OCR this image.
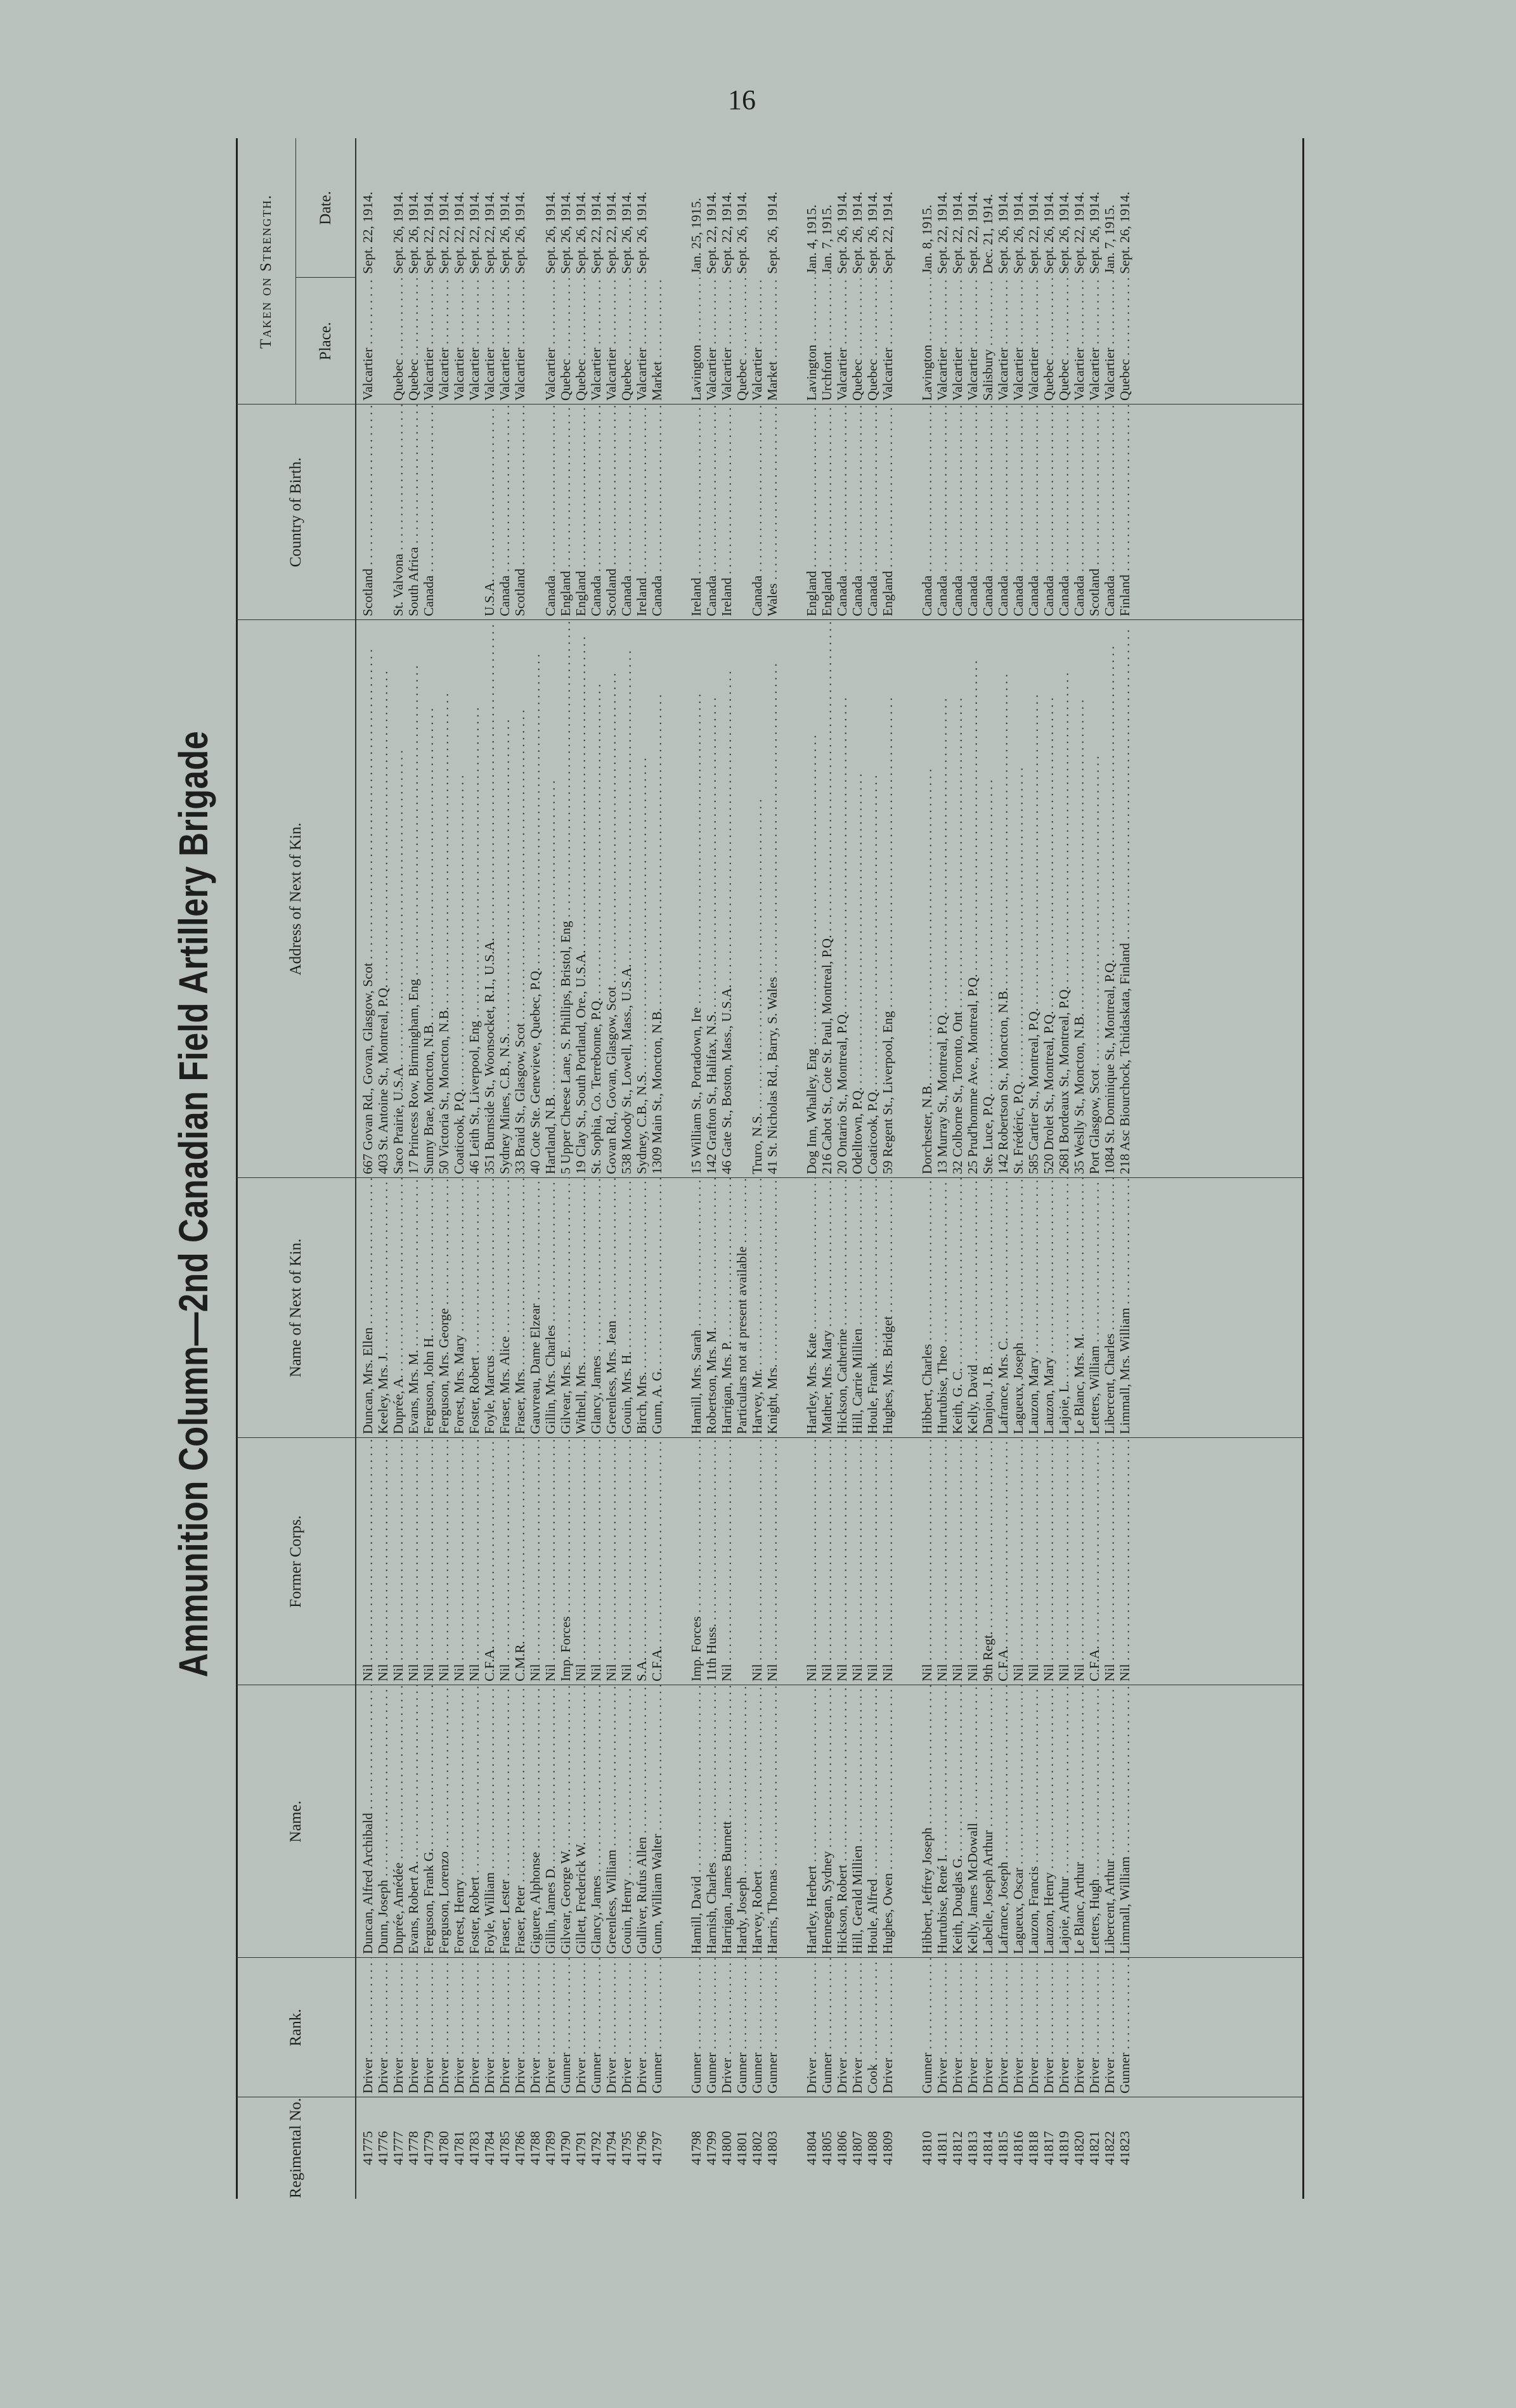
16
Ammunition Column—2nd Canadian Field Artillery Brigade
Regimental No.
Rank.
Name.
Former Corps.
Name of Next of Kin.
Address of Next of Kin.
Country of Birth.
Taken on Strength.	Place.
Date.
41775
Driver . . .
Duncan, Alfred Archibald . . .
Nil . . .
Duncan, Mrs. Ellen . . .
667 Govan Rd., Govan, Glasgow, Scot . . .
Scotland . . .
Valcartier . . .
Sept. 22, 1914.
41776
Driver . . .
Dunn, Joseph . . .
Nil . . .
Keeley, Mrs. J. . . .
403 St. Antoine St., Montreal, P.Q. . . .
41777
Driver . . .
Duprée, Amédée . . .
Nil . . .
Duprée, A. . . .
Saco Prairie, U.S.A. . . .
St. Valvona . . .
Quebec . . .
Sept. 26, 1914.
41778
Driver . . .
Evans, Robert A. . . .
Nil . . .
Evans, Mrs. M. . . .
17 Princess Row, Birmingham, Eng . . .
South Africa . . .
Quebec . . .
Sept. 26, 1914.
41779
Driver . . .
Ferguson, Frank G. . . .
Nil . . .
Ferguson, John H. . . .
Sunny Brae, Moncton, N.B. . . .
Canada . . .
Valcartier . . .
Sept. 22, 1914.
41780
Driver . . .
Ferguson, Lorenzo . . .
Nil . . .
Ferguson, Mrs. George . . .
50 Victoria St., Moncton, N.B. . . .
Valcartier . . .
Sept. 22, 1914.
41781
Driver . . .
Forest, Henry . . .
Nil . . .
Forest, Mrs. Mary . . .
Coaticook, P.Q. . . .
Valcartier . . .
Sept. 22, 1914.
41783
Driver . . .
Foster, Robert . . .
Nil . . .
Foster, Robert . . .
46 Leith St., Liverpool, Eng . . .
Valcartier . . .
Sept. 22, 1914.
41784
Driver . . .
Foyle, William . . .
C.F.A. . . .
Foyle, Marcus . . .
351 Burnside St., Woonsocket, R.I., U.S.A. . . .
U.S.A. . . .
Valcartier . . .
Sept. 22, 1914.
41785
Driver . . .
Fraser, Lester . . .
Nil . . .
Fraser, Mrs. Alice . . .
Sydney Mines, C.B., N.S. . . .
Canada . . .
Valcartier . . .
Sept. 26, 1914.
41786
Driver . . .
Fraser, Peter . . .
C.M.R. . . .
Fraser, Mrs. . . .
33 Braid St., Glasgow, Scot . . .
Scotland . . .
Valcartier . . .
Sept. 26, 1914.
41788
Driver . . .
Giguere, Alphonse . . .
Nil . . .
Gauvreau, Dame Elzear . . .
40 Cote Ste. Genevieve, Quebec, P.Q. . . .
41789
Driver . . .
Gillin, James D. . . .
Nil . . .
Gillin, Mrs. Charles . . .
Hartland, N.B. . . .
Canada . . .
Valcartier . . .
Sept. 26, 1914.
41790
Gunner . . .
Gilvear, George W. . . .
Imp. Forces . . .
Gilvear, Mrs. E. . . .
5 Upper Cheese Lane, S. Phillips, Bristol, Eng . . .
England . . .
Quebec . . .
Sept. 26, 1914.
41791
Driver . . .
Gillett, Frederick W. . . .
Nil . . .
Withell, Mrs. . . .
19 Clay St., South Portland, Ore., U.S.A. . . .
England . . .
Quebec . . .
Sept. 26, 1914.
41792
Gunner . . .
Glancy, James . . .
Nil . . .
Glancy, James . . .
St. Sophia, Co. Terrebonne, P.Q. . . .
Canada . . .
Valcartier . . .
Sept. 22, 1914.
41794
Driver . . .
Greenless, William . . .
Nil . . .
Greenless, Mrs. Jean . . .
Govan Rd., Govan, Glasgow, Scot . . .
Scotland . . .
Valcartier . . .
Sept. 22, 1914.
41795
Driver . . .
Gouin, Henry . . .
Nil . . .
Gouin, Mrs. H. . . .
538 Moody St., Lowell, Mass., U.S.A. . . .
Canada . . .
Quebec . . .
Sept. 26, 1914.
41796
Driver . . .
Gulliver, Rufus Allen . . .
S.A. . . .
Birch, Mrs. . . .
Sydney, C.B., N.S. . . .
Ireland . . .
Valcartier . . .
Sept. 26, 1914.
41797
Gunner . . .
Gunn, William Walter . . .
C.F.A. . . .
Gunn, A. G. . . .
1309 Main St., Moncton, N.B. . . .
Canada . . .
Market . . .
41798
Gunner . . .
Hamill, David . . .
Imp. Forces . . .
Hamill, Mrs. Sarah . . .
15 William St., Portadown, Ire . . .
Ireland . . .
Lavington . . .
Jan. 25, 1915.
41799
Gunner . . .
Harnish, Charles . . .
11th Huss. . . .
Robertson, Mrs. M. . . .
142 Grafton St., Halifax, N.S. . . .
Canada . . .
Valcartier . . .
Sept. 22, 1914.
41800
Driver . . .
Harrigan, James Burnett . . .
Nil . . .
Harrigan, Mrs. P. . . .
46 Gate St., Boston, Mass., U.S.A. . . .
Ireland . . .
Valcartier . . .
Sept. 22, 1914.
41801
Gunner . . .
Hardy, Joseph . . .
Particulars not at present available . . .
Quebec . . .
Sept. 26, 1914.
41802
Gunner . . .
Harvey, Robert . . .
Nil . . .
Harvey, Mr. . . .
Truro, N.S. . . .
Canada . . .
Valcartier . . .
41803
Gunner . . .
Harris, Thomas . . .
Nil . . .
Knight, Mrs. . . .
41 St. Nicholas Rd., Barry, S. Wales . . .
Wales . . .
Market . . .
Sept. 26, 1914.
41804
Driver . . .
Hartley, Herbert . . .
Nil . . .
Hartley, Mrs. Kate . . .
Dog Inn, Whalley, Eng . . .
England . . .
Lavington . . .
Jan. 4, 1915.
41805
Gunner . . .
Hennegan, Sydney . . .
Nil . . .
Mather, Mrs. Mary . . .
216 Cabot St., Cote St. Paul, Montreal, P.Q. . . .
England . . .
Urchfont . . .
Jan. 7, 1915.
41806
Driver . . .
Hickson, Robert . . .
Nil . . .
Hickson, Catherine . . .
20 Ontario St., Montreal, P.Q. . . .
Canada . . .
Valcartier . . .
Sept. 26, 1914.
41807
Driver . . .
Hill, Gerald Millien . . .
Nil . . .
Hill, Carrie Millien . . .
Odelltown, P.Q. . . .
Canada . . .
Quebec . . .
Sept. 26, 1914.
41808
Cook . . .
Houle, Alfred . . .
Nil . . .
Houle, Frank . . .
Coaticook, P.Q. . . .
Canada . . .
Quebec . . .
Sept. 26, 1914.
41809
Driver . . .
Hughes, Owen . . .
Nil . . .
Hughes, Mrs. Bridget . . .
59 Regent St., Liverpool, Eng . . .
England . . .
Valcartier . . .
Sept. 22, 1914.
41810
Gunner . . .
Hibbert, Jeffrey Joseph . . .
Nil . . .
Hibbert, Charles . . .
Dorchester, N.B. . . .
Canada . . .
Lavington . . .
Jan. 8, 1915.
41811
Driver . . .
Hurtubise, René I. . . .
Nil . . .
Hurtubise, Theo . . .
13 Murray St., Montreal, P.Q. . . .
Canada . . .
Valcartier . . .
Sept. 22, 1914.
41812
Driver . . .
Keith, Douglas G. . . .
Nil . . .
Keith, G. C. . . .
32 Colborne St., Toronto, Ont . . .
Canada . . .
Valcartier . . .
Sept. 22, 1914.
41813
Driver . . .
Kelly, James McDowall . . .
Nil . . .
Kelly, David . . .
25 Prud'homme Ave., Montreal, P.Q. . . .
Canada . . .
Valcartier . . .
Sept. 22, 1914.
41814
Driver . . .
Labelle, Joseph Arthur . . .
9th Regt. . . .
Danjou, J. B. . . .
Ste. Luce, P.Q. . . .
Canada . . .
Salisbury . . .
Dec. 21, 1914.
41815
Driver . . .
Lafrance, Joseph . . .
C.F.A. . . .
Lafrance, Mrs. C. . . .
142 Robertson St., Moncton, N.B. . . .
Canada . . .
Valcartier . . .
Sept. 26, 1914.
41816
Driver . . .
Lagueux, Oscar . . .
Nil . . .
Lagueux, Joseph . . .
St. Frédéric, P.Q. . . .
Canada . . .
Valcartier . . .
Sept. 26, 1914.
41818
Driver . . .
Lauzon, Francis . . .
Nil . . .
Lauzon, Mary . . .
585 Cartier St., Montreal, P.Q. . . .
Canada . . .
Valcartier . . .
Sept. 22, 1914.
41817
Driver . . .
Lauzon, Henry . . .
Nil . . .
Lauzon, Mary . . .
520 Drolet St., Montreal, P.Q. . . .
Canada . . .
Quebec . . .
Sept. 26, 1914.
41819
Driver . . .
Lajoie, Arthur . . .
Nil . . .
Lajoie, L. . . .
2681 Bordeaux St., Montreal, P.Q. . . .
Canada . . .
Quebec . . .
Sept. 26, 1914.
41820
Driver . . .
Le Blanc, Arthur . . .
Nil . . .
Le Blanc, Mrs. M. . . .
35 Weslly St., Moncton, N.B. . . .
Canada . . .
Valcartier . . .
Sept. 22, 1914.
41821
Driver . . .
Letters, Hugh . . .
C.F.A. . . .
Letters, William . . .
Port Glasgow, Scot . . .
Scotland . . .
Valcartier . . .
Sept. 26, 1914.
41822
Driver . . .
Libercent, Arthur . . .
Nil . . .
Libercent, Charles . . .
1084 St. Dominique St., Montreal, P.Q. . . .
Canada . . .
Valcartier . . .
Jan. 7, 1915.
41823
Gunner . . .
Limmall, William . . .
Nil . . .
Limmall, Mrs. William . . .
218 Asc Biourchock, Tchidaskata, Finland . . .
Finland . . .
Quebec . . .
Sept. 26, 1914.
